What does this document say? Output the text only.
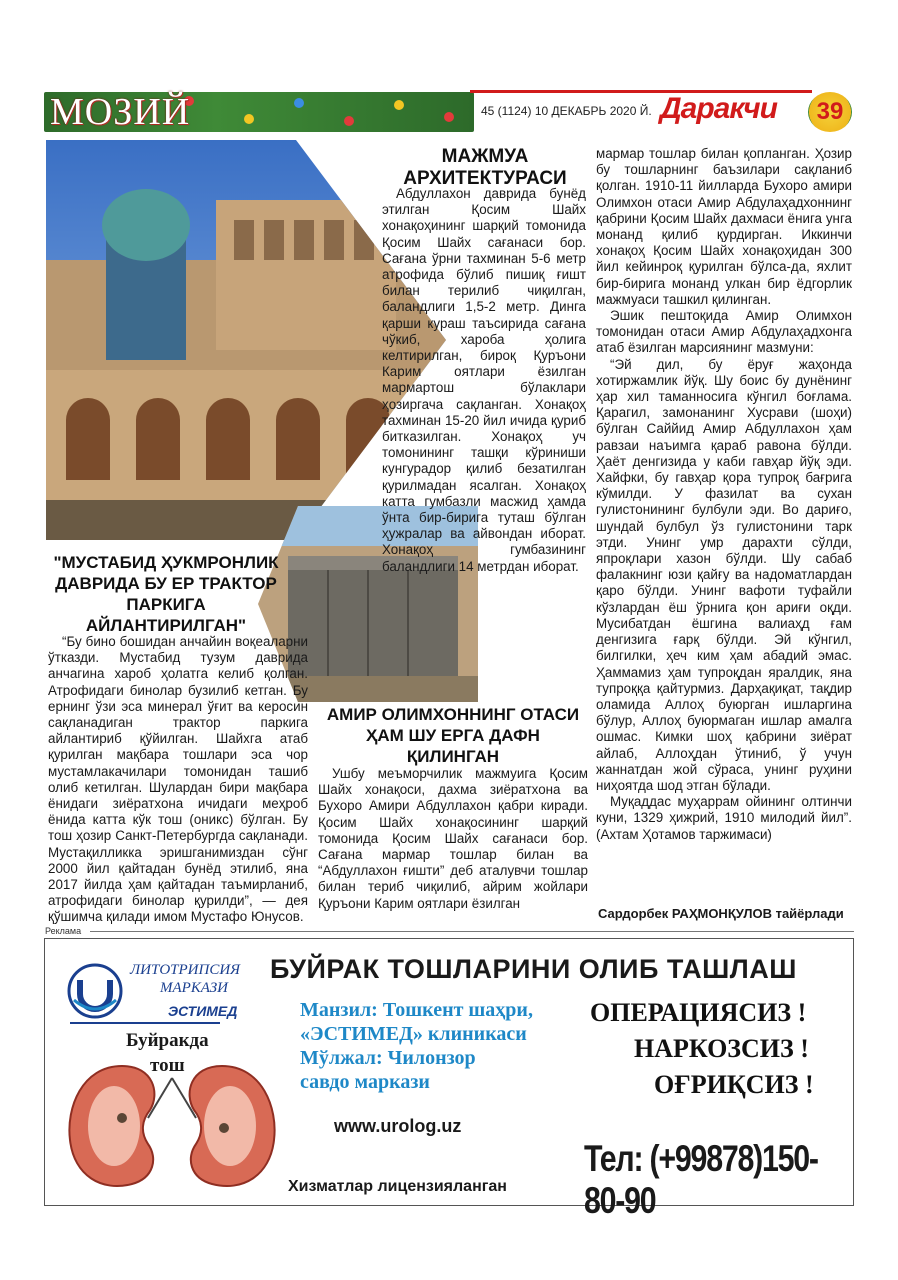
МОЗИЙ	45 (1124) 10 ДЕКАБРЬ 2020 Й. Даракчи	39
МАЖМУА АРХИТЕКТУРАСИ
"МУСТАБИД ҲУКМРОНЛИК ДАВРИДА БУ ЕР ТРАКТОР ПАРКИГА АЙЛАНТИРИЛГАН"
АМИР ОЛИМХОННИНГ ОТАСИ ҲАМ ШУ ЕРГА ДАФН ҚИЛИНГАН

Абдуллахон даврида бунёд этилган Қосим Шайх хонақоҳининг шарқий томонида Қосим Шайх сағанаси бор. Сағана ўрни тахминан 5-6 метр атрофида бўлиб пишиқ ғишт билан терилиб чиқилган, баландлиги 1,5-2 метр. Динга қарши кураш таъсирида сағана чўкиб, хароба ҳолига келтирилган, бироқ Қуръони Карим оятлари ёзилган мармартош бўлаклари ҳозиргача сақланган. Хонақоҳ тахминан 15-20 йил ичида қуриб битказилган. Хонақоҳ уч томонининг ташқи кўриниши кунгурадор қилиб безатилган қурилмадан ясалган. Хонақоҳ катта гумбазли масжид ҳамда ўнта бир-бирига туташ бўлган ҳужралар ва айвондан иборат. Хонақоҳ гумбазининг баландлиги 14 метрдан иборат.

“Бу бино бошидан анчайин воқеаларни ўтказди. Мустабид тузум даврида анчагина хароб ҳолатга келиб қолган. Атрофидаги бинолар бузилиб кетган. Бу ернинг ўзи эса минерал ўғит ва керосин сақланадиган трактор паркига айлантириб қўйилган. Шайхга атаб қурилган мақбара тошлари эса чор мустамлакачилари томонидан ташиб олиб кетилган. Шулардан бири мақбара ёнидаги зиёратхона ичидаги меҳроб ёнида катта кўк тош (оникс) бўлган. Бу тош ҳозир Санкт-Петербургда сақланади. Мустақилликка эришганимиздан сўнг 2000 йил қайтадан бунёд этилиб, яна 2017 йилда ҳам қайтадан таъмирланиб, атрофидаги бинолар қурилди”, — дея қўшимча қилади имом Мустафо Юнусов.

Ушбу меъморчилик мажмуига Қосим Шайх хонақоси, дахма зиёратхона ва Бухоро Амири Абдуллахон қабри киради. Қосим Шайх хонақосининг шарқий томонида Қосим Шайх сағанаси бор. Сағана мармар тошлар билан ва “Абдуллахон ғишти” деб аталувчи тошлар билан териб чиқилиб, айрим жойлари Қуръони Карим оятлари ёзилган

мармар тошлар билан қопланган. Ҳозир бу тошларнинг баъзилари сақланиб қолган. 1910-11 йилларда Бухоро амири Олимхон отаси Амир Абдулаҳадхоннинг қабрини Қосим Шайх дахмаси ёнига унга монанд қилиб қурдирган. Иккинчи хонақоҳ Қосим Шайх хонақоҳидан 300 йил кейинроқ қурилган бўлса-да, яхлит бир-бирига монанд улкан бир ёдгорлик мажмуаси ташкил қилинган.

Эшик пештоқида Амир Олимхон томонидан отаси Амир Абдулаҳадхонга атаб ёзилган марсиянинг мазмуни:

“Эй дил, бу ёруғ жаҳонда хотиржамлик йўқ. Шу боис бу дунёнинг ҳар хил таманносига кўнгил боғлама. Қарагил, замонанинг Хусрави (шоҳи) бўлган Саййид Амир Абдуллахон ҳам равзаи наъимга қараб равона бўлди. Ҳаёт денгизида у каби гавҳар йўқ эди. Хайфки, бу гавҳар қора тупроқ бағрига кўмилди. У фазилат ва сухан гулистонининг булбули эди. Во дариғо, шундай булбул ўз гулистонини тарк этди. Унинг умр дарахти сўлди, япроқлари хазон бўлди. Шу сабаб фалакнинг юзи қайғу ва надоматлардан қаро бўлди. Унинг вафоти туфайли кўзлардан ёш ўрнига қон ариғи оқди. Мусибатдан ёшгина валиаҳд ғам денгизига ғарқ бўлди. Эй кўнгил, билгилки, ҳеч ким ҳам абадий эмас. Ҳаммамиз ҳам тупроқдан яралдик, яна тупроққа қайтурмиз. Дарҳақиқат, тақдир оламида Аллоҳ буюрган ишларгина бўлур, Аллоҳ буюрмаган ишлар амалга ошмас. Кимки шоҳ қабрини зиёрат айлаб, Аллоҳдан ўтиниб, ў учун жаннатдан жой сўраса, унинг руҳини ниҳоятда шод этган бўлади.

Муқаддас муҳаррам ойининг олтинчи куни, 1329 ҳижрий, 1910 милодий йил”. (Ахтам Ҳотамов таржимаси)

Сардорбек РАҲМОНҚУЛОВ тайёрлади
Реклама
БУЙРАК ТОШЛАРИНИ ОЛИБ ТАШЛАШ
ЛИТОТРИПСИЯ
МАРКАЗИ
ЭСТИМЕД
Буйракда
тош
Манзил: Тошкент шаҳри,
«ЭСТИМЕД» клиникаси
Мўлжал: Чилонзор
савдо маркази
www.urolog.uz
ОПЕРАЦИЯСИЗ !
НАРКОЗСИЗ !
ОҒРИҚСИЗ !
Тел: (+99878)150-80-90
Хизматлар лицензияланган
